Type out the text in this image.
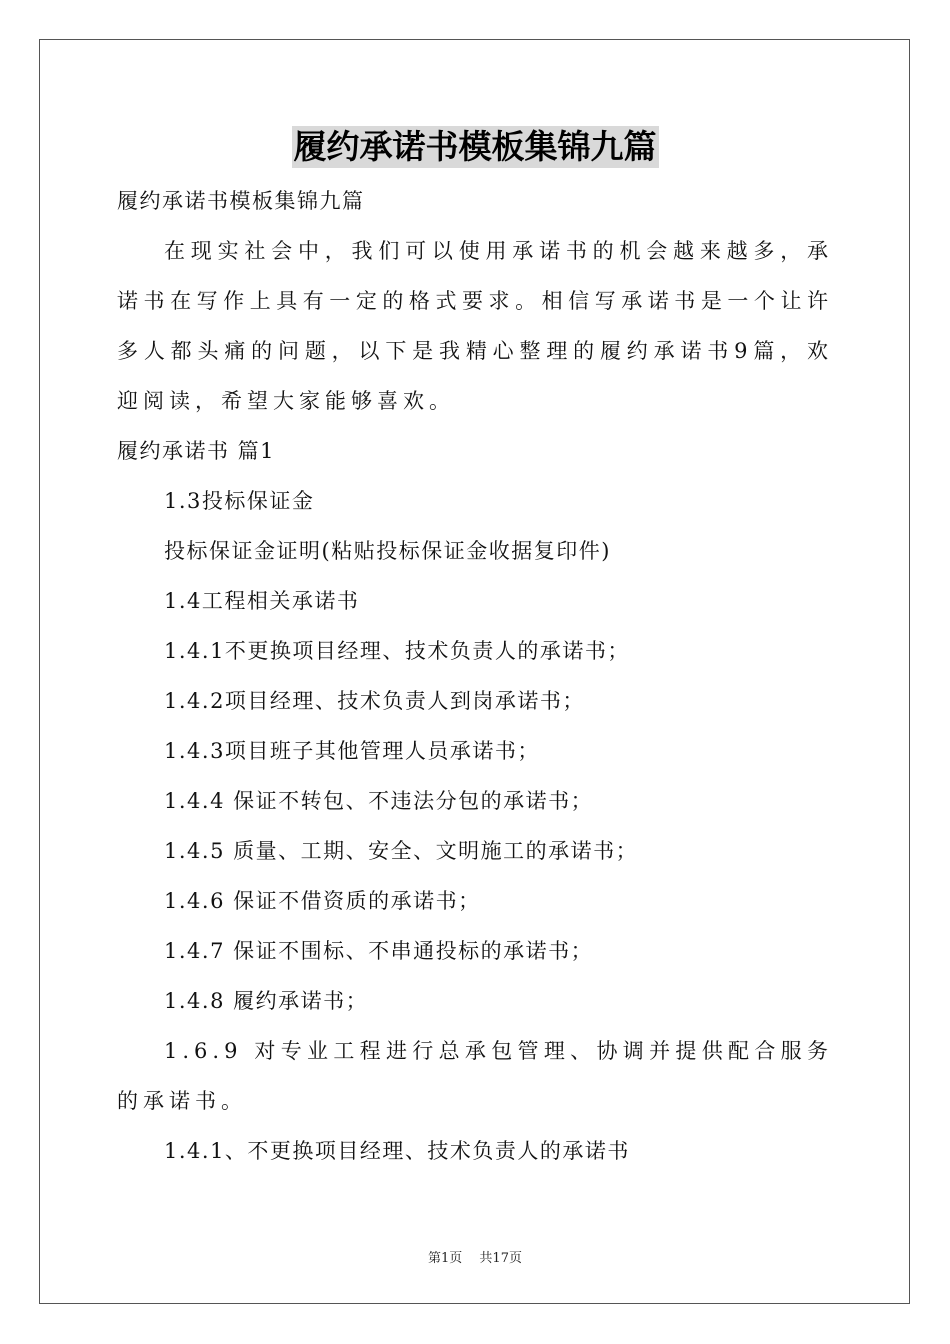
履约承诺书模板集锦九篇
履约承诺书模板集锦九篇

在现实社会中，我们可以使用承诺书的机会越来越多，承诺书在写作上具有一定的格式要求。相信写承诺书是一个让许多人都头痛的问题，以下是我精心整理的履约承诺书9篇，欢迎阅读，希望大家能够喜欢。

履约承诺书 篇1
1.3投标保证金
投标保证金证明(粘贴投标保证金收据复印件)
1.4工程相关承诺书
1.4.1不更换项目经理、技术负责人的承诺书；
1.4.2项目经理、技术负责人到岗承诺书；
1.4.3项目班子其他管理人员承诺书；
1.4.4 保证不转包、不违法分包的承诺书；
1.4.5 质量、工期、安全、文明施工的承诺书；
1.4.6 保证不借资质的承诺书；
1.4.7 保证不围标、不串通投标的承诺书；
1.4.8 履约承诺书；

1.6.9 对专业工程进行总承包管理、协调并提供配合服务的承诺书。

1.4.1、不更换项目经理、技术负责人的承诺书
第1页　 共17页
